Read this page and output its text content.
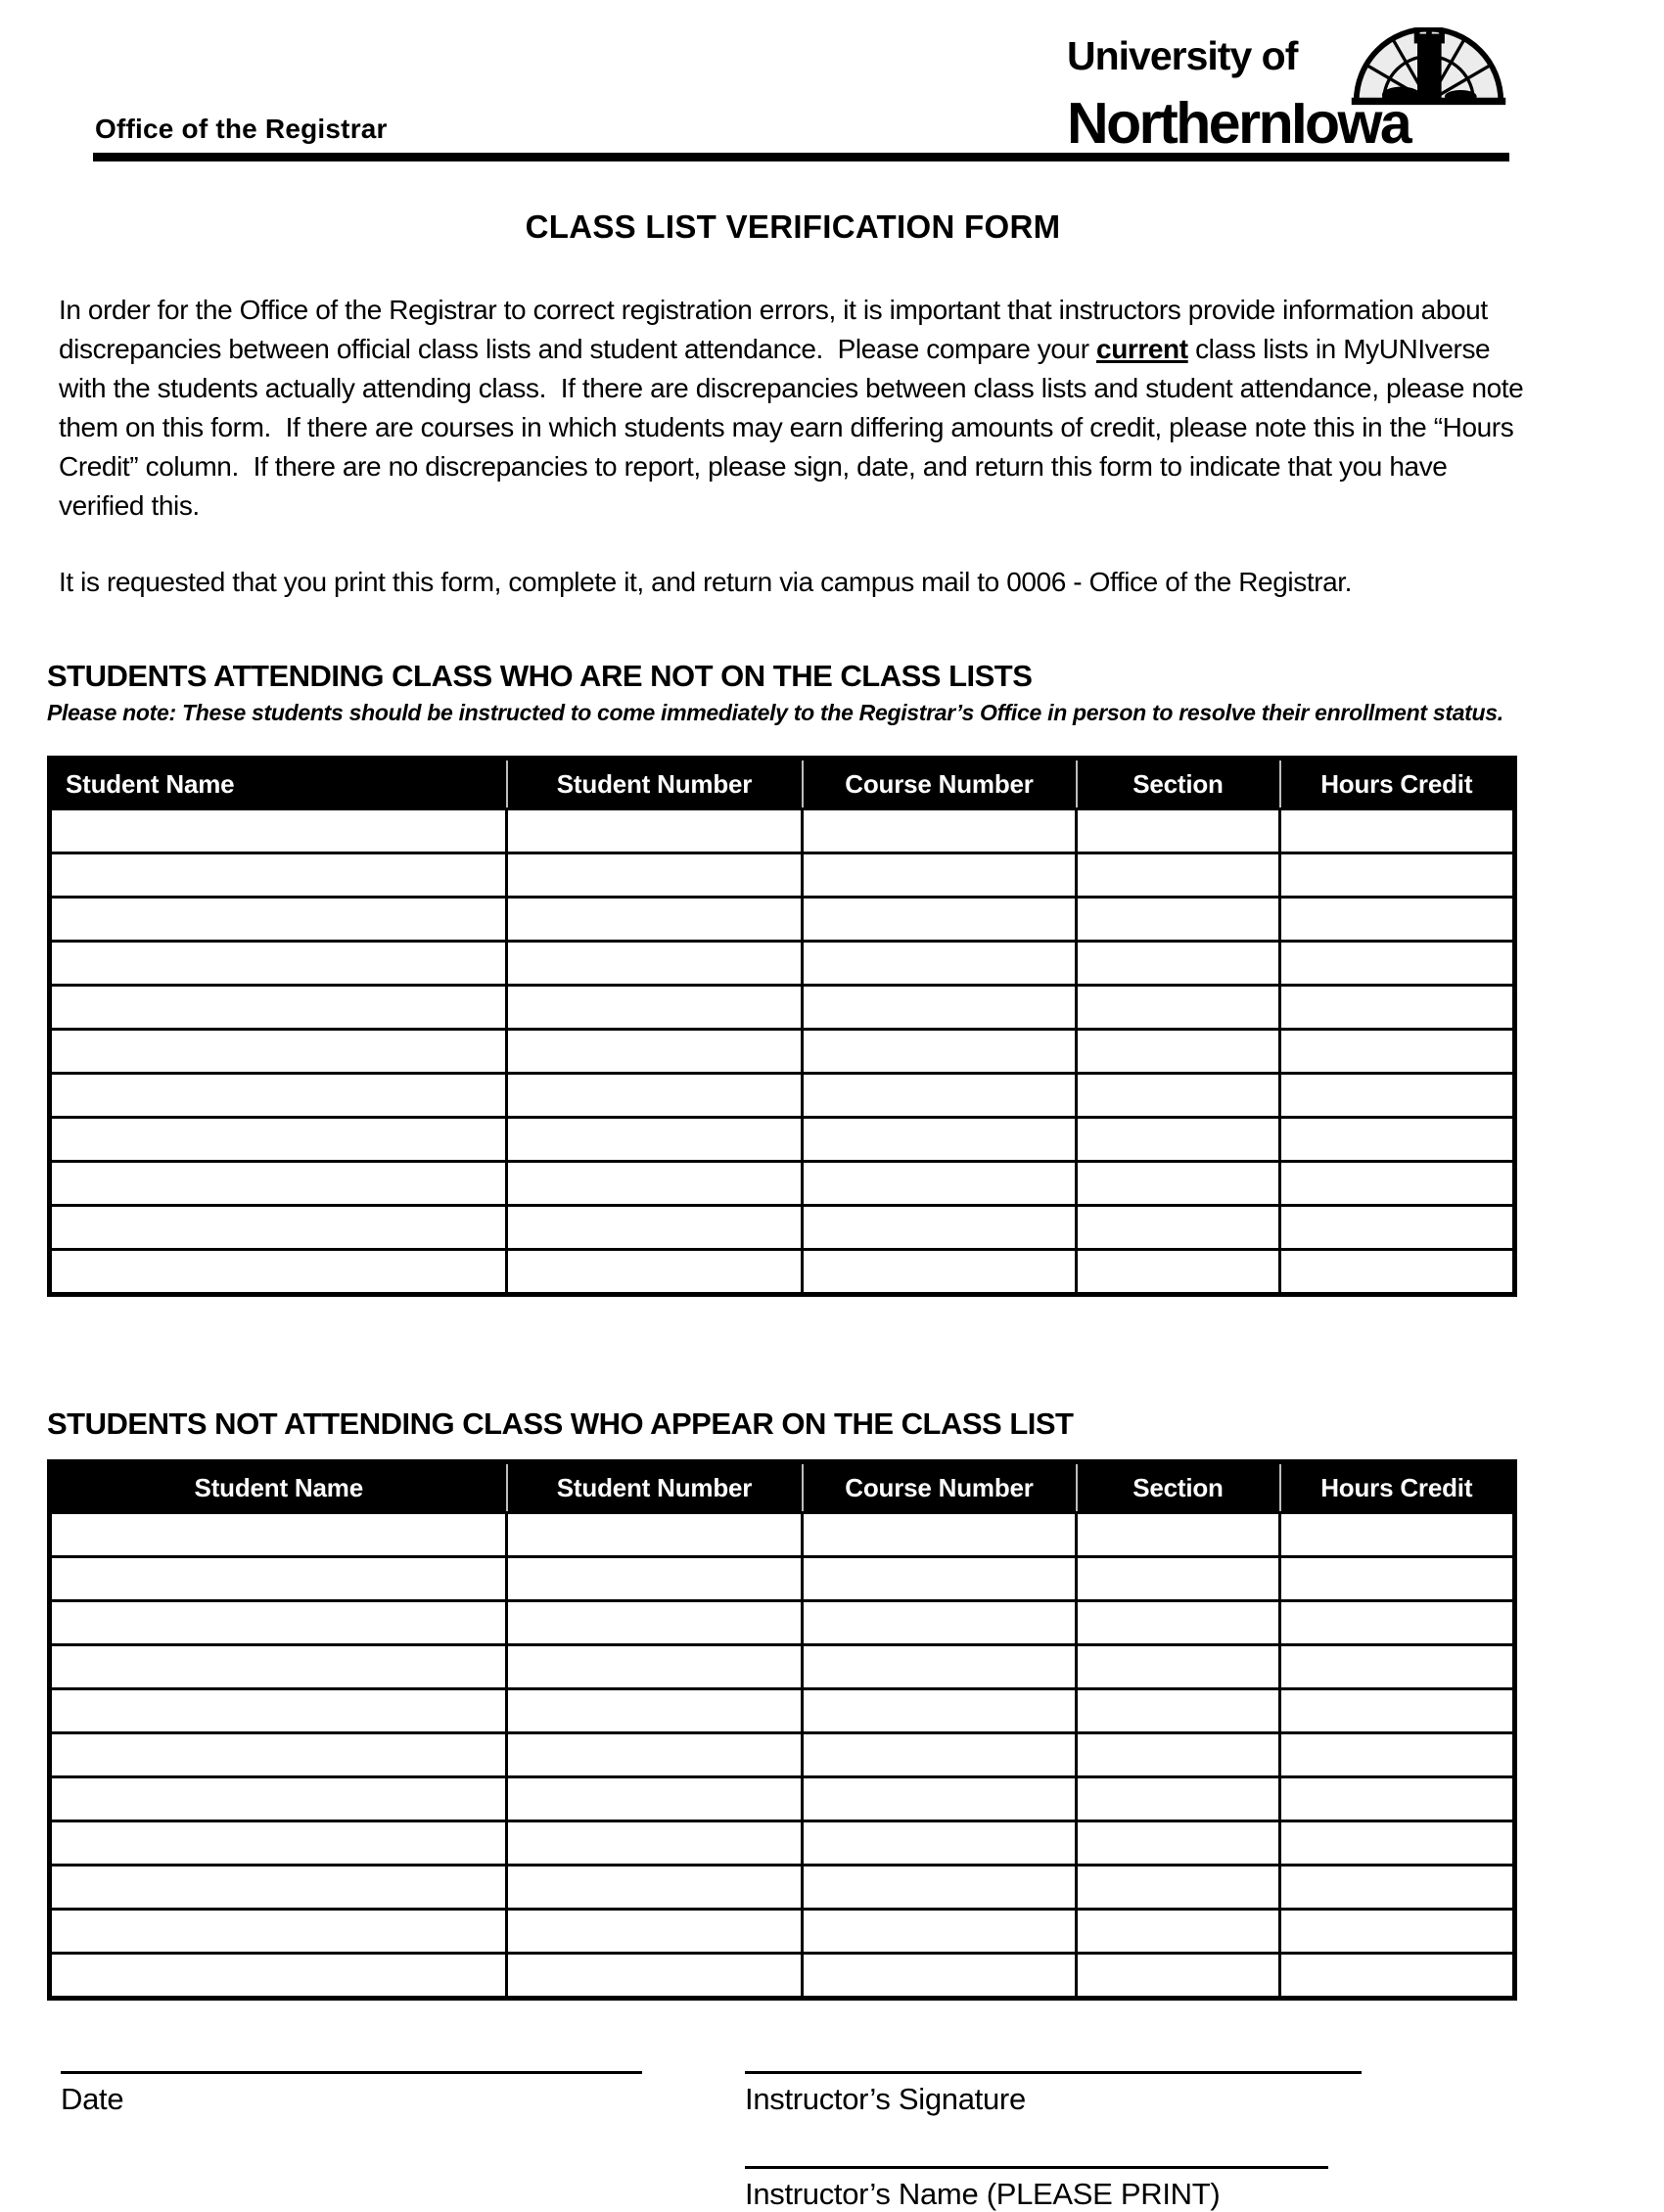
Office of the Registrar
University of
NorthernIowa
CLASS LIST VERIFICATION FORM

In order for the Office of the Registrar to correct registration errors, it is important that instructors provide information about discrepancies between official class lists and student attendance.  Please compare your current class lists in MyUNIverse with the students actually attending class.  If there are discrepancies between class lists and student attendance, please note them on this form.  If there are courses in which students may earn differing amounts of credit, please note this in the “Hours Credit” column.  If there are no discrepancies to report, please sign, date, and return this form to indicate that you have verified this.

It is requested that you print this form, complete it, and return via campus mail to 0006 - Office of the Registrar.

STUDENTS ATTENDING CLASS WHO ARE NOT ON THE CLASS LISTS
Please note: These students should be instructed to come immediately to the Registrar’s Office in person to resolve their enrollment status.
Student Name	Student Number	Course Number	Section	Hours Credit

STUDENTS NOT ATTENDING CLASS WHO APPEAR ON THE CLASS LIST
Student Name	Student Number	Course Number	Section	Hours Credit

Date	Instructor’s Signature
Instructor’s Name (PLEASE PRINT)
